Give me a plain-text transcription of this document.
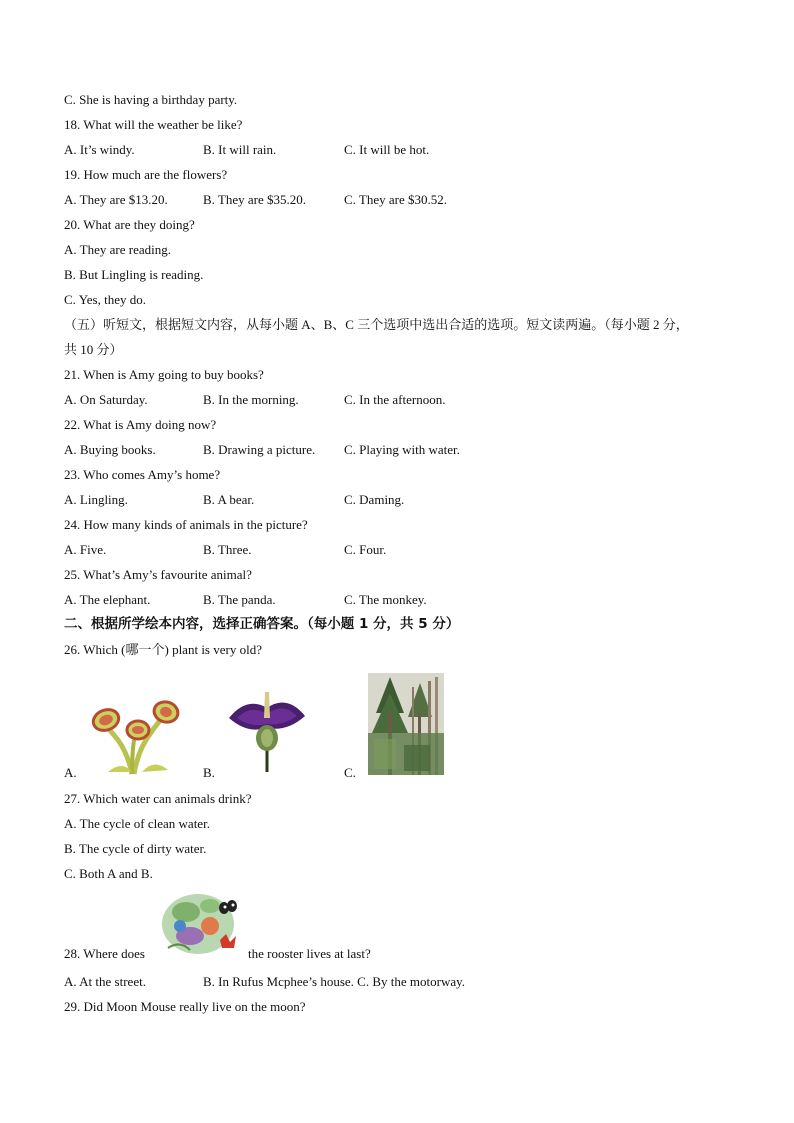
C. She is having a birthday party.
18. What will the weather be like?
A. It’s windy.	B. It will rain.	C. It will be hot.
19. How much are the flowers?
A. They are $13.20.	B. They are $35.20.	C. They are $30.52.
20. What are they doing?
A. They are reading.
B. But Lingling is reading.
C. Yes, they do.
（五）听短文，根据短文内容，从每小题 A、B、C 三个选项中选出合适的选项。短文读两遍。（每小题 2 分，
共 10 分）
21. When is Amy going to buy books?
A. On Saturday.	B. In the morning.	C. In the afternoon.
22. What is Amy doing now?
A. Buying books.	B. Drawing a picture. C. Playing with water.
23. Who comes Amy’s home?
A. Lingling.	B. A bear.	C. Daming.
24. How many kinds of animals in the picture?
A. Five.	B. Three.	C. Four.
25. What’s Amy’s favourite animal?
A. The elephant.	B. The panda.	C. The monkey.
二、根据所学绘本内容，选择正确答案。（每小题 1 分，共 5 分）
26. Which (哪一个) plant is very old?
A.	B.	C.
27. Which water can animals drink?
A. The cycle of clean water.
B. The cycle of dirty water.
C. Both A and B.
28. Where does	the rooster lives at last?
A. At the street.	B. In Rufus Mcphee’s house. C. By the motorway.
29. Did Moon Mouse really live on the moon?
